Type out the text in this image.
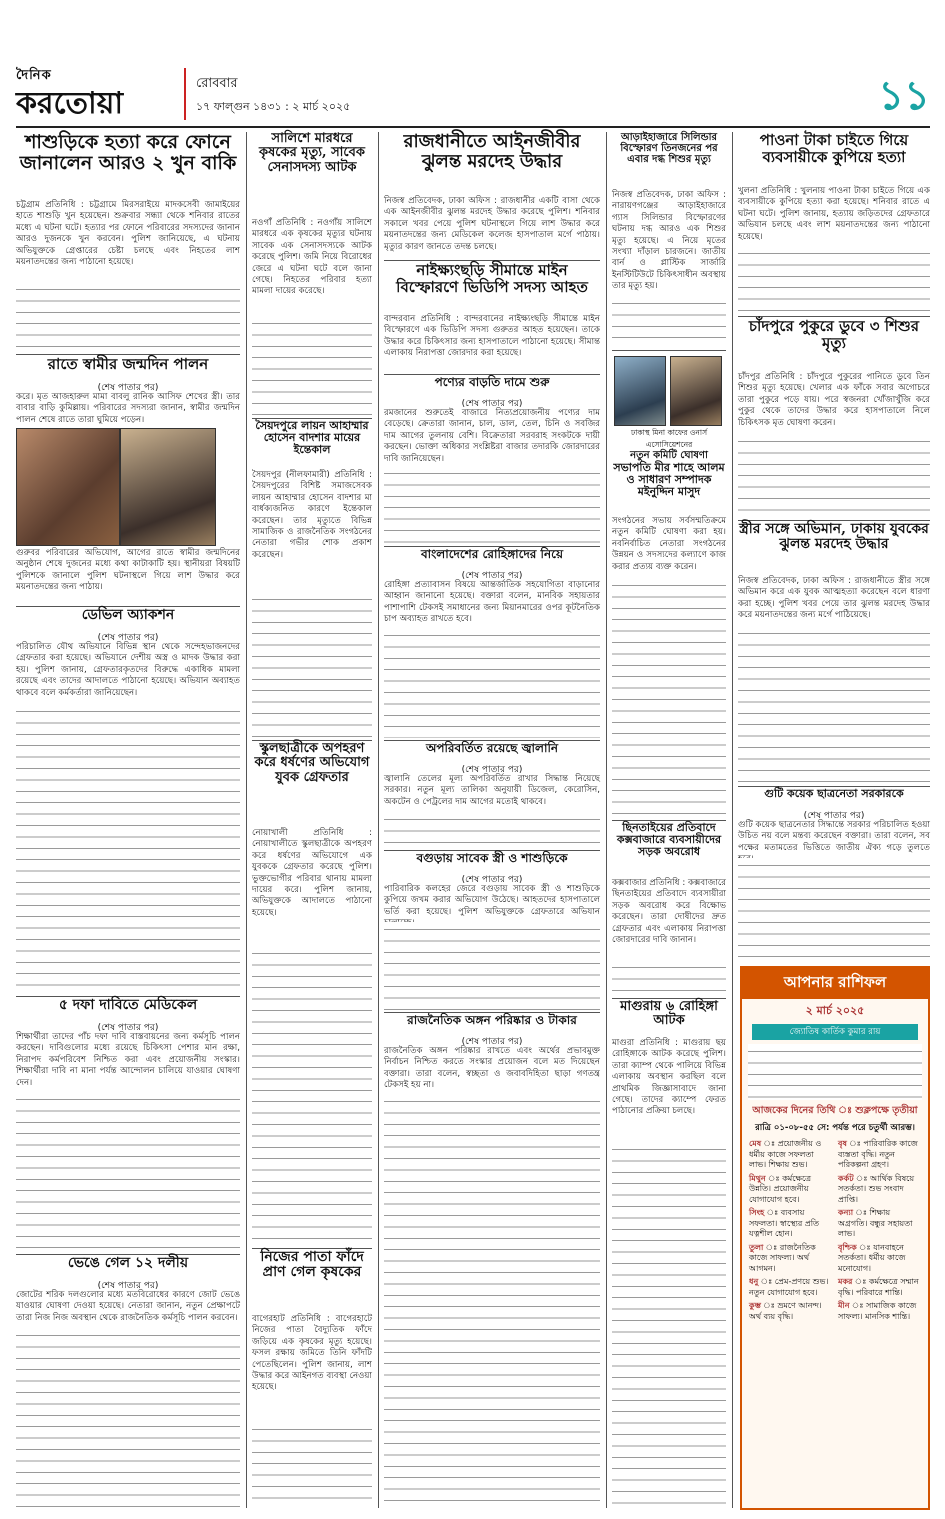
দৈনিক
করতোয়া
রোববার
১৭ ফাল্গুন ১৪৩১ : ২ মার্চ ২০২৫	১১
শাশুড়িকে হত্যা করে ফোনে জানালেন আরও ২ খুন বাকি
চট্টগ্রাম প্রতিনিধি : চট্টগ্রামে মিরসরাইয়ে মাদকসেবী জামাইয়ের হাতে শাশুড়ি খুন হয়েছেন। শুক্রবার সন্ধ্যা থেকে শনিবার রাতের মধ্যে এ ঘটনা ঘটে। হত্যার পর ফোনে পরিবারের সদস্যদের জানান আরও দুজনকে খুন করবেন। পুলিশ জানিয়েছে, এ ঘটনায় অভিযুক্তকে গ্রেপ্তারের চেষ্টা চলছে এবং নিহতের লাশ ময়নাতদন্তের জন্য পাঠানো হয়েছে।
রাতে স্বামীর জন্মদিন পালন
(শেষ পাতার পর)
করে। মৃত আজহারুল মামা বাবলু রানিক আসিফ শেখের স্ত্রী। তার বাবার বাড়ি কুমিল্লায়। পরিবারের সদস্যরা জানান, স্বামীর জন্মদিন পালন শেষে রাতে তারা ঘুমিয়ে পড়েন।
গুরুবর পরিবারের অভিযোগ, আগের রাতে স্বামীর জন্মদিনের অনুষ্ঠান শেষে দুজনের মধ্যে কথা কাটাকাটি হয়। স্থানীয়রা বিষয়টি পুলিশকে জানালে পুলিশ ঘটনাস্থলে গিয়ে লাশ উদ্ধার করে ময়নাতদন্তের জন্য পাঠায়।
ডেভিল অ্যাকশন
(শেষ পাতার পর)
পরিচালিত যৌথ অভিযানে বিভিন্ন স্থান থেকে সন্দেহভাজনদের গ্রেফতার করা হয়েছে। অভিযানে দেশীয় অস্ত্র ও মাদক উদ্ধার করা হয়। পুলিশ জানায়, গ্রেফতারকৃতদের বিরুদ্ধে একাধিক মামলা রয়েছে এবং তাদের আদালতে পাঠানো হয়েছে। অভিযান অব্যাহত থাকবে বলে কর্মকর্তারা জানিয়েছেন।
৫ দফা দাবিতে মেডিকেল
(শেষ পাতার পর)
শিক্ষার্থীরা তাদের পাঁচ দফা দাবি বাস্তবায়নের জন্য কর্মসূচি পালন করছেন। দাবিগুলোর মধ্যে রয়েছে চিকিৎসা পেশার মান রক্ষা, নিরাপদ কর্মপরিবেশ নিশ্চিত করা এবং প্রয়োজনীয় সংস্কার। শিক্ষার্থীরা দাবি না মানা পর্যন্ত আন্দোলন চালিয়ে যাওয়ার ঘোষণা দেন।
ভেঙে গেল ১২ দলীয়
(শেষ পাতার পর)
জোটের শরিক দলগুলোর মধ্যে মতবিরোধের কারণে জোট ভেঙে যাওয়ার ঘোষণা দেওয়া হয়েছে। নেতারা জানান, নতুন প্রেক্ষাপটে তারা নিজ নিজ অবস্থান থেকে রাজনৈতিক কর্মসূচি পালন করবেন।
সালিশে মারধরে কৃষকের মৃত্যু, সাবেক সেনাসদস্য আটক
নওগাঁ প্রতিনিধি : নওগাঁয় সালিশে মারধরে এক কৃষকের মৃত্যুর ঘটনায় সাবেক এক সেনাসদস্যকে আটক করেছে পুলিশ। জমি নিয়ে বিরোধের জেরে এ ঘটনা ঘটে বলে জানা গেছে। নিহতের পরিবার হত্যা মামলা দায়ের করেছে।
সৈয়দপুরে লায়ন আহাম্মার হোসেন বাদশার মায়ের ইন্তেকাল
সৈয়দপুর (নীলফামারী) প্রতিনিধি : সৈয়দপুরের বিশিষ্ট সমাজসেবক লায়ন আহাম্মার হোসেন বাদশার মা বার্ধক্যজনিত কারণে ইন্তেকাল করেছেন। তার মৃত্যুতে বিভিন্ন সামাজিক ও রাজনৈতিক সংগঠনের নেতারা গভীর শোক প্রকাশ করেছেন।
স্কুলছাত্রীকে অপহরণ করে ধর্ষণের অভিযোগ যুবক গ্রেফতার
নোয়াখালী প্রতিনিধি : নোয়াখালীতে স্কুলছাত্রীকে অপহরণ করে ধর্ষণের অভিযোগে এক যুবককে গ্রেফতার করেছে পুলিশ। ভুক্তভোগীর পরিবার থানায় মামলা দায়ের করে। পুলিশ জানায়, অভিযুক্তকে আদালতে পাঠানো হয়েছে।
নিজের পাতা ফাঁদে প্রাণ গেল কৃষকের
বাগেরহাট প্রতিনিধি : বাগেরহাটে নিজের পাতা বৈদ্যুতিক ফাঁদে জড়িয়ে এক কৃষকের মৃত্যু হয়েছে। ফসল রক্ষায় জমিতে তিনি ফাঁদটি পেতেছিলেন। পুলিশ জানায়, লাশ উদ্ধার করে আইনগত ব্যবস্থা নেওয়া হয়েছে।
রাজধানীতে আইনজীবীর ঝুলন্ত মরদেহ উদ্ধার
নিজস্ব প্রতিবেদক, ঢাকা অফিস : রাজধানীর একটি বাসা থেকে এক আইনজীবীর ঝুলন্ত মরদেহ উদ্ধার করেছে পুলিশ। শনিবার সকালে খবর পেয়ে পুলিশ ঘটনাস্থলে গিয়ে লাশ উদ্ধার করে ময়নাতদন্তের জন্য মেডিকেল কলেজ হাসপাতাল মর্গে পাঠায়। মৃত্যুর কারণ জানতে তদন্ত চলছে।
নাইক্ষ্যংছড়ি সীমান্তে মাইন বিস্ফোরণে ভিডিপি সদস্য আহত
বান্দরবান প্রতিনিধি : বান্দরবানের নাইক্ষ্যংছড়ি সীমান্তে মাইন বিস্ফোরণে এক ভিডিপি সদস্য গুরুতর আহত হয়েছেন। তাকে উদ্ধার করে চিকিৎসার জন্য হাসপাতালে পাঠানো হয়েছে। সীমান্ত এলাকায় নিরাপত্তা জোরদার করা হয়েছে।
পণ্যের বাড়তি দামে শুরু
(শেষ পাতার পর)
রমজানের শুরুতেই বাজারে নিত্যপ্রয়োজনীয় পণ্যের দাম বেড়েছে। ক্রেতারা জানান, চাল, ডাল, তেল, চিনি ও সবজির দাম আগের তুলনায় বেশি। বিক্রেতারা সরবরাহ সংকটকে দায়ী করছেন। ভোক্তা অধিকার সংশ্লিষ্টরা বাজার তদারকি জোরদারের দাবি জানিয়েছেন।
বাংলাদেশের রোহিঙ্গাদের নিয়ে
(শেষ পাতার পর)
রোহিঙ্গা প্রত্যাবাসন বিষয়ে আন্তর্জাতিক সহযোগিতা বাড়ানোর আহ্বান জানানো হয়েছে। বক্তারা বলেন, মানবিক সহায়তার পাশাপাশি টেকসই সমাধানের জন্য মিয়ানমারের ওপর কূটনৈতিক চাপ অব্যাহত রাখতে হবে।
অপরিবর্তিত রয়েছে জ্বালানি
(শেষ পাতার পর)
জ্বালানি তেলের মূল্য অপরিবর্তিত রাখার সিদ্ধান্ত নিয়েছে সরকার। নতুন মূল্য তালিকা অনুযায়ী ডিজেল, কেরোসিন, অকটেন ও পেট্রলের দাম আগের মতোই থাকবে।
বগুড়ায় সাবেক স্ত্রী ও শাশুড়িকে
(শেষ পাতার পর)
পারিবারিক কলহের জেরে বগুড়ায় সাবেক স্ত্রী ও শাশুড়িকে কুপিয়ে জখম করার অভিযোগ উঠেছে। আহতদের হাসপাতালে ভর্তি করা হয়েছে। পুলিশ অভিযুক্তকে গ্রেফতারে অভিযান
রাজনৈতিক অঙ্গন পরিষ্কার ও টাকার
(শেষ পাতার পর)
রাজনৈতিক অঙ্গন পরিষ্কার রাখতে এবং অর্থের প্রভাবমুক্ত নির্বাচন নিশ্চিত করতে সংস্কার প্রয়োজন বলে মত দিয়েছেন বক্তারা। তারা বলেন, স্বচ্ছতা ও জবাবদিহিতা ছাড়া গণতন্ত্র টেকসই হয় না।
আড়াইহাজারে সিলিন্ডার বিস্ফোরণ তিনজনের পর এবার দগ্ধ শিশুর মৃত্যু
নিজস্ব প্রতিবেদক, ঢাকা অফিস : নারায়ণগঞ্জের আড়াইহাজারে গ্যাস সিলিন্ডার বিস্ফোরণের ঘটনায় দগ্ধ আরও এক শিশুর মৃত্যু হয়েছে। এ নিয়ে মৃতের সংখ্যা দাঁড়াল চারজনে। জাতীয় বার্ন ও প্লাস্টিক সার্জারি ইনস্টিটিউটে চিকিৎসাধীন অবস্থায় তার মৃত্যু হয়।
ঢাকাস্থ মিনা কাফের ওনার্স এসোসিয়েশনের
নতুন কমিটি ঘোষণা
সভাপতি মীর শাহে আলম ও সাধারণ সম্পাদক মইনুদ্দিন মাসুদ
সংগঠনের সভায় সর্বসম্মতিক্রমে নতুন কমিটি ঘোষণা করা হয়। নবনির্বাচিত নেতারা সংগঠনের উন্নয়ন ও সদস্যদের কল্যাণে কাজ করার প্রত্যয় ব্যক্ত করেন।
ছিনতাইয়ের প্রতিবাদে কক্সবাজারে ব্যবসায়ীদের সড়ক অবরোধ
কক্সবাজার প্রতিনিধি : কক্সবাজারে ছিনতাইয়ের প্রতিবাদে ব্যবসায়ীরা সড়ক অবরোধ করে বিক্ষোভ করেছেন। তারা দোষীদের দ্রুত গ্রেফতার এবং এলাকায় নিরাপত্তা জোরদারের দাবি জানান।
মাগুরায় ৬ রোহিঙ্গা আটক
মাগুরা প্রতিনিধি : মাগুরায় ছয় রোহিঙ্গাকে আটক করেছে পুলিশ। তারা ক্যাম্প থেকে পালিয়ে বিভিন্ন এলাকায় অবস্থান করছিল বলে প্রাথমিক জিজ্ঞাসাবাদে জানা গেছে। তাদের ক্যাম্পে ফেরত পাঠানোর প্রক্রিয়া চলছে।
পাওনা টাকা চাইতে গিয়ে ব্যবসায়ীকে কুপিয়ে হত্যা
খুলনা প্রতিনিধি : খুলনায় পাওনা টাকা চাইতে গিয়ে এক ব্যবসায়ীকে কুপিয়ে হত্যা করা হয়েছে। শনিবার রাতে এ ঘটনা ঘটে। পুলিশ জানায়, হত্যায় জড়িতদের গ্রেফতারে অভিযান চলছে এবং লাশ ময়নাতদন্তের জন্য পাঠানো হয়েছে।
চাঁদপুরে পুকুরে ডুবে ৩ শিশুর মৃত্যু
চাঁদপুর প্রতিনিধি : চাঁদপুরে পুকুরের পানিতে ডুবে তিন শিশুর মৃত্যু হয়েছে। খেলার এক ফাঁকে সবার অগোচরে তারা পুকুরে পড়ে যায়। পরে স্বজনরা খোঁজাখুঁজি করে পুকুর থেকে তাদের উদ্ধার করে হাসপাতালে নিলে চিকিৎসক মৃত ঘোষণা করেন।
স্ত্রীর সঙ্গে অভিমান, ঢাকায় যুবকের ঝুলন্ত মরদেহ উদ্ধার
নিজস্ব প্রতিবেদক, ঢাকা অফিস : রাজধানীতে স্ত্রীর সঙ্গে অভিমান করে এক যুবক আত্মহত্যা করেছেন বলে ধারণা করা হচ্ছে। পুলিশ খবর পেয়ে তার ঝুলন্ত মরদেহ উদ্ধার করে ময়নাতদন্তের জন্য মর্গে পাঠিয়েছে।
গুটি কয়েক ছাত্রনেতা সরকারকে
(শেষ পাতার পর)
গুটি কয়েক ছাত্রনেতার সিদ্ধান্তে সরকার পরিচালিত হওয়া উচিত নয় বলে মন্তব্য করেছেন বক্তারা। তারা বলেন, সব পক্ষের মতামতের ভিত্তিতে জাতীয় ঐক্য গড়ে তুলতে
আপনার রাশিফল
২ মার্চ ২০২৫
জ্যোতিষ কার্তিক কুমার রায়
আজকের দিনের তিথি ঃ শুক্লপক্ষে তৃতীয়া
রাত্রি ০১-০৮-৫৫ সে: পর্যন্ত পরে চতুর্থী আরম্ভ।
মেষ ঃ প্রয়োজনীয় ও ধর্মীয় কাজে সফলতা লাভ। শিক্ষায় শুভ।
বৃষ ঃ পারিবারিক কাজে ব্যস্ততা বৃদ্ধি। নতুন পরিকল্পনা গ্রহণ।
মিথুন ঃ কর্মক্ষেত্রে উন্নতি। প্রয়োজনীয় যোগাযোগ হবে।
কর্কট ঃ আর্থিক বিষয়ে সতর্কতা। শুভ সংবাদ প্রাপ্তি।
সিংহ ঃ ব্যবসায় সফলতা। স্বাস্থ্যের প্রতি যত্নশীল হোন।
কন্যা ঃ শিক্ষায় অগ্রগতি। বন্ধুর সহায়তা লাভ।
তুলা ঃ রাজনৈতিক কাজে সাফল্য। অর্থ আগমন।
বৃশ্চিক ঃ যানবাহনে সতর্কতা। ধর্মীয় কাজে মনোযোগ।
ধনু ঃ প্রেম-প্রণয়ে শুভ। নতুন যোগাযোগ হবে।
মকর ঃ কর্মক্ষেত্রে সম্মান বৃদ্ধি। পরিবারে শান্তি।
কুম্ভ ঃ ভ্রমণে আনন্দ। অর্থ ব্যয় বৃদ্ধি।
মীন ঃ সামাজিক কাজে সাফল্য। মানসিক শান্তি।
